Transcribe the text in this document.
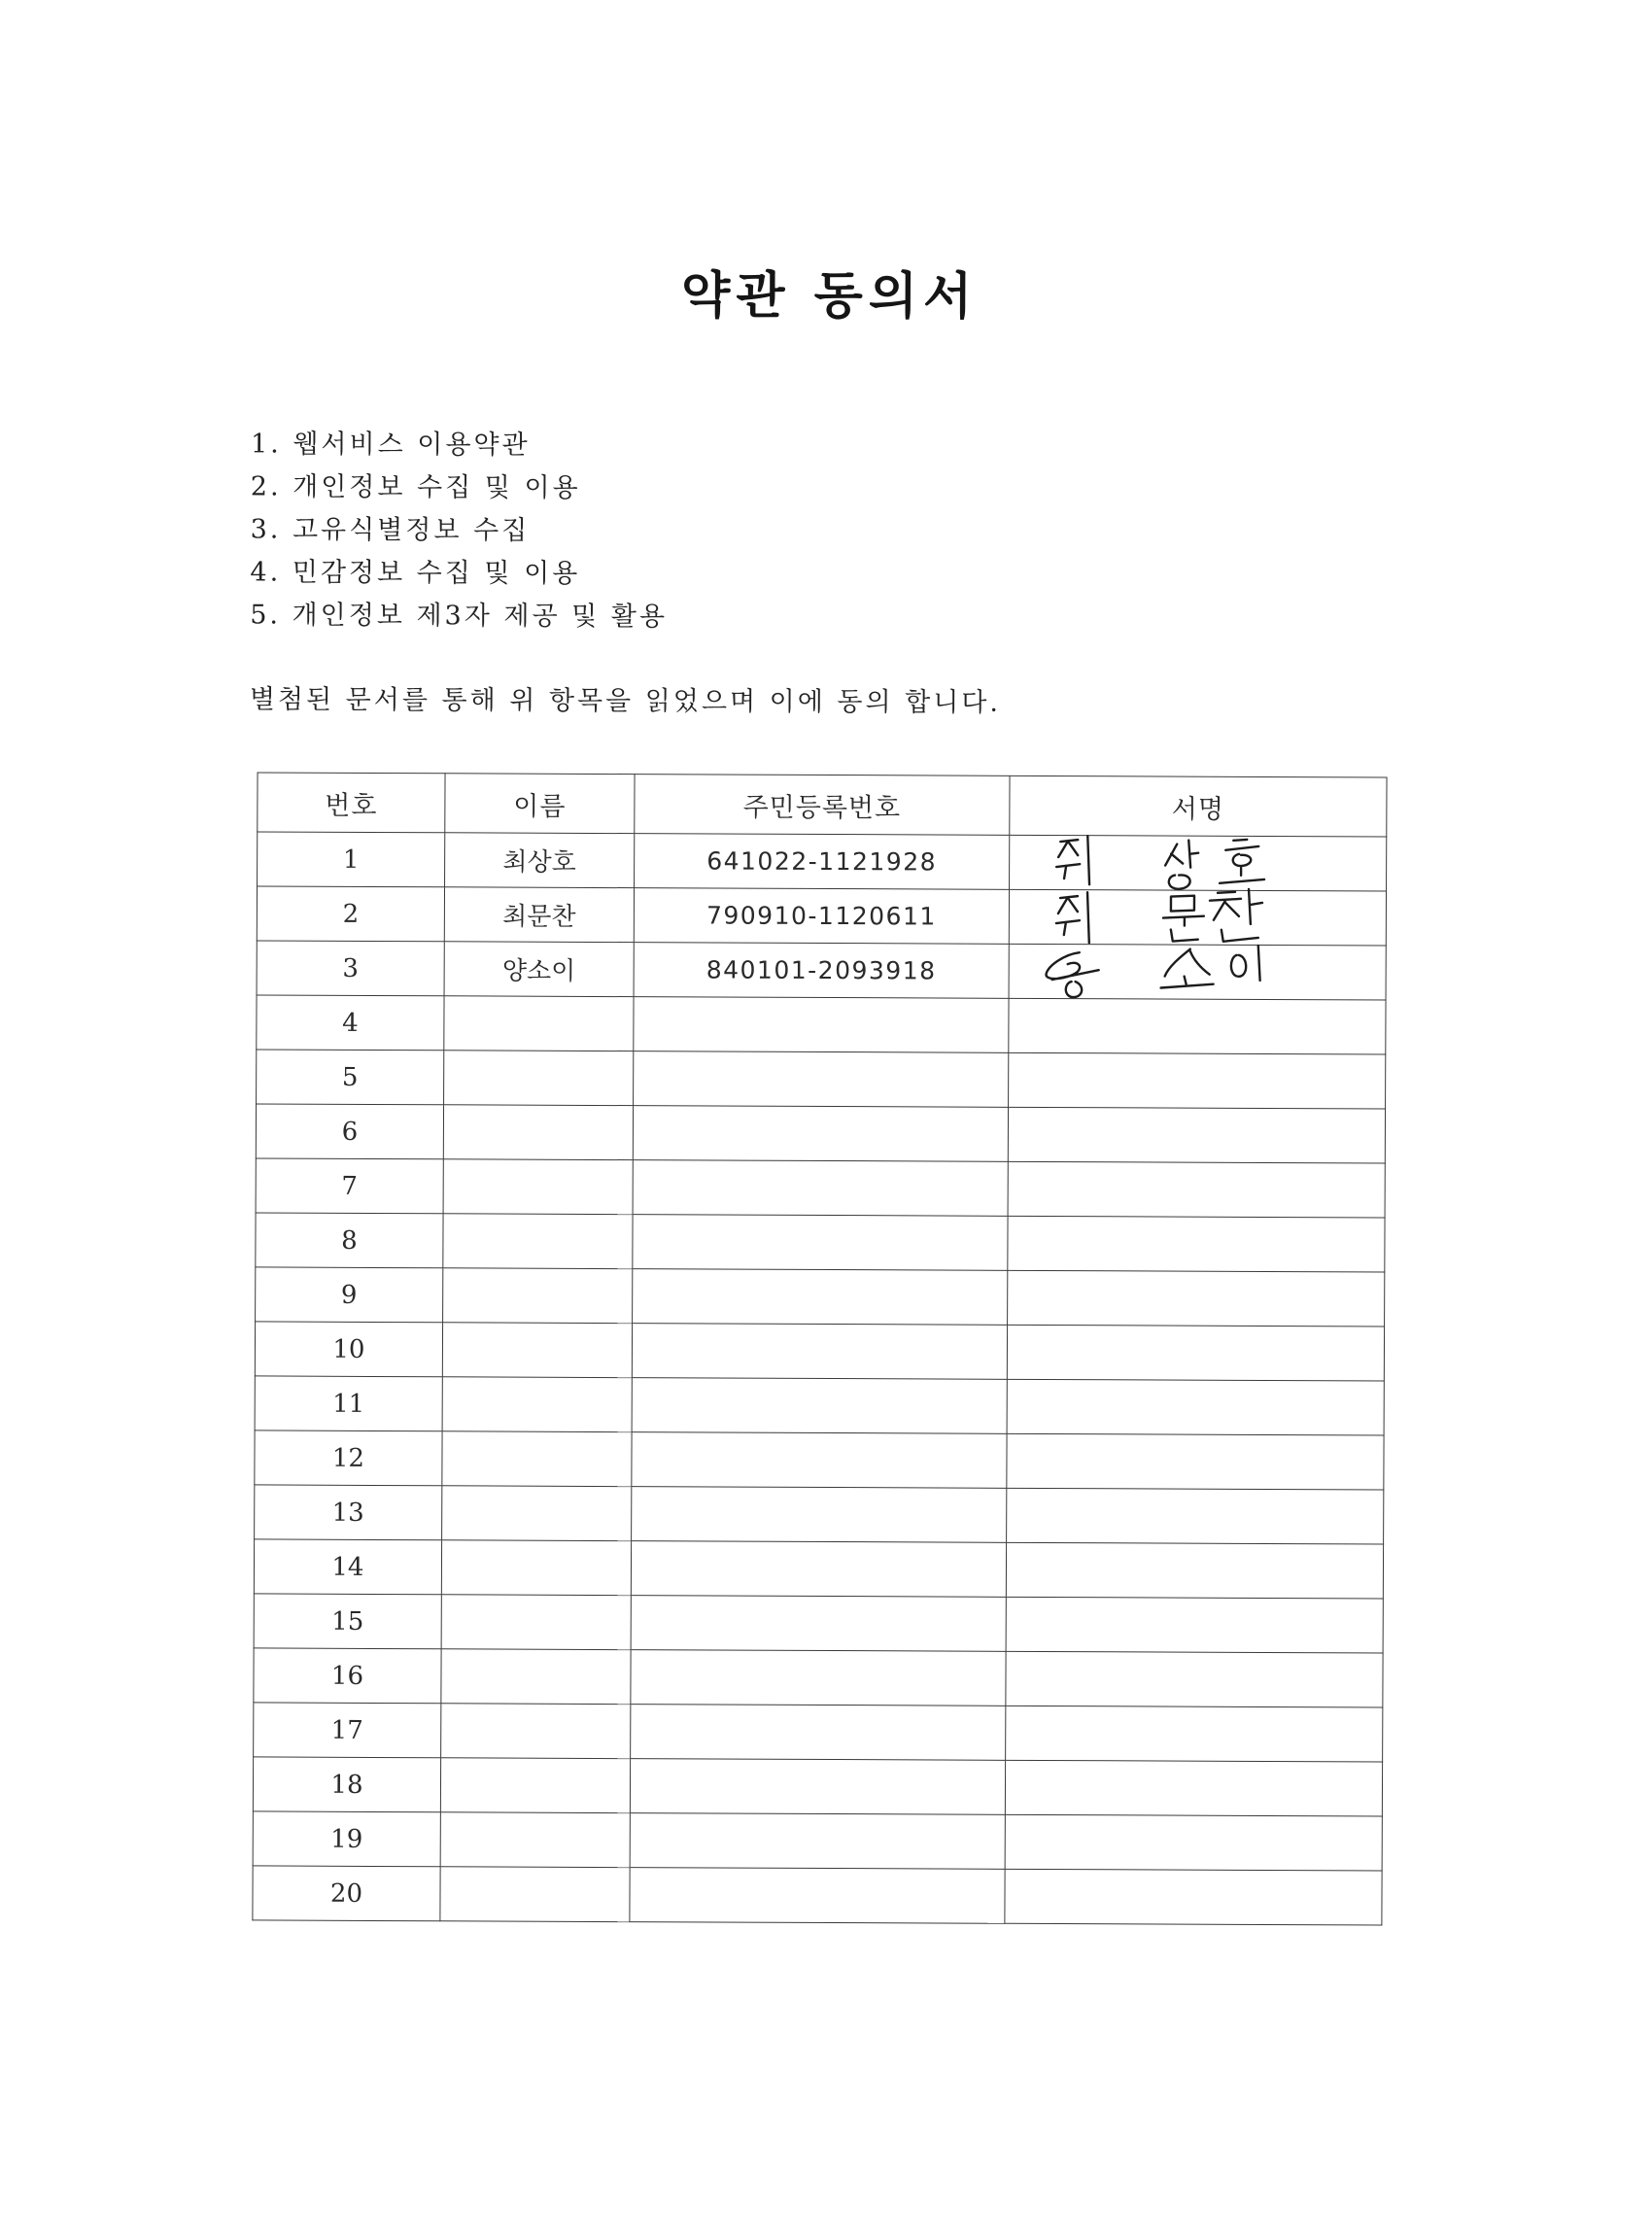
약관 동의서
1. 웹서비스 이용약관
2. 개인정보 수집 및 이용
3. 고유식별정보 수집
4. 민감정보 수집 및 이용
5. 개인정보 제3자 제공 및 활용
별첨된 문서를 통해 위 항목을 읽었으며 이에 동의 합니다.
번호	이름	주민등록번호	서명
1	최상호	641022-1121928	

2	최문찬	790910-1120611	

3	양소이	840101-2093918	

4			
5			
6			
7			
8			
9			
10			
11			
12			
13			
14			
15			
16			
17			
18			
19			
20			
